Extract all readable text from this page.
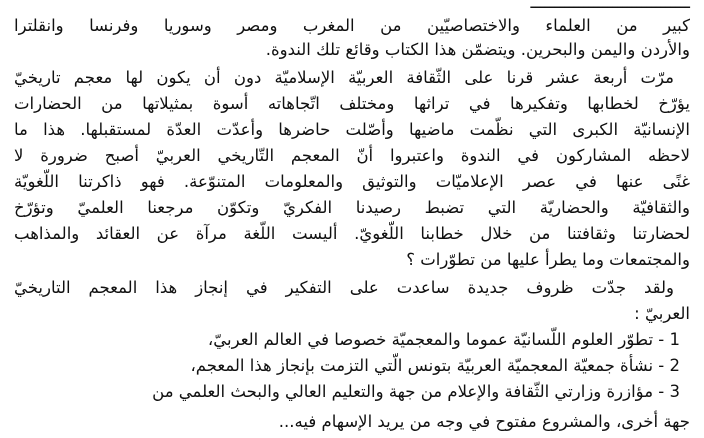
ـــــــــــــــــــــــــــــــــ
كبير من العلماء والاختصاصيّين من المغرب ومصر وسوريا وفرنسا وانقلترا
والأردن واليمن والبحرين. ويتضمّن هذا الكتاب وقائع تلك الندوة.
مرّت أربعة عشر قرنا على الثّقافة العربيّة الإسلاميّة دون أن يكون لها معجم تاريخيّ
يؤرّخ لخطابها وتفكيرها في تراثها ومختلف اتّجاهاته أسوة بمثيلاتها من الحضارات
الإنسانيّة الكبرى التي نظّمت ماضيها وأصّلت حاضرها وأعدّت العدّة لمستقبلها. هذا ما
لاحظه المشاركون في الندوة واعتبروا أنّ المعجم التّاريخي العربيّ أصبح ضرورة لا
غنًى عنها في عصر الإعلاميّات والتوثيق والمعلومات المتنوّعة. فهو ذاكرتنا اللّغويّة
والثقافيّة والحضاريّة التي تضبط رصيدنا الفكريّ وتكوّن مرجعنا العلميّ وتؤرّخ
لحضارتنا وثقافتنا من خلال خطابنا اللّغويّ. أليست اللّغة مرآة عن العقائد والمذاهب
والمجتمعات وما يطرأ عليها من تطوّرات ؟
ولقد جدّت ظروف جديدة ساعدت على التفكير في إنجاز هذا المعجم التاريخيّ
العربيّ :
1 - تطوّر العلوم اللّسانيّة عموما والمعجميّة خصوصا في العالم العربيّ،
2 - نشأة جمعيّة المعجميّة العربيّة بتونس الّتي التزمت بإنجاز هذا المعجم،
3 - مؤازرة وزارتي الثّقافة والإعلام من جهة والتعليم العالي والبحث العلمي من
جهة أخرى، والمشروع مفتوح في وجه من يريد الإسهام فيه...
